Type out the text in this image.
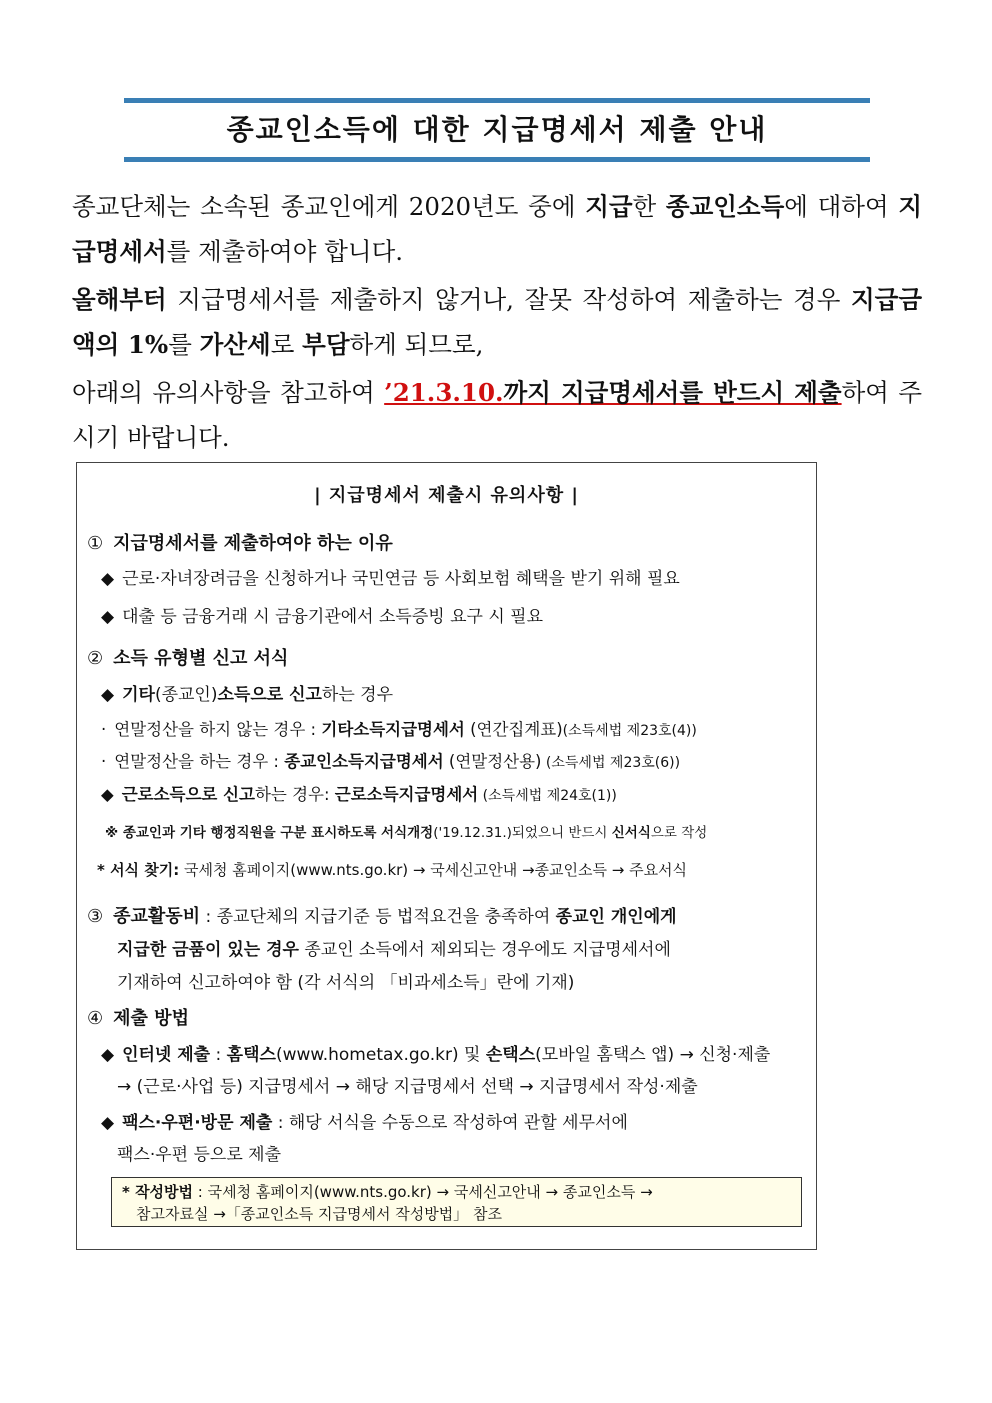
종교인소득에 대한 지급명세서 제출 안내
종교단체는 소속된 종교인에게 2020년도 중에 지급한 종교인소득에 대하여 지급명세서를 제출하여야 합니다.
올해부터 지급명세서를 제출하지 않거나, 잘못 작성하여 제출하는 경우 지급금액의 1%를 가산세로 부담하게 되므로,
아래의 유의사항을 참고하여 ’21.3.10.까지 지급명세서를 반드시 제출하여 주시기 바랍니다.
| 지급명세서 제출시 유의사항 |
① 지급명세서를 제출하여야 하는 이유
◆ 근로·자녀장려금을 신청하거나 국민연금 등 사회보험 혜택을 받기 위해 필요
◆ 대출 등 금융거래 시 금융기관에서 소득증빙 요구 시 필요
② 소득 유형별 신고 서식
◆ 기타(종교인)소득으로 신고하는 경우
· 연말정산을 하지 않는 경우 : 기타소득지급명세서 (연간집계표)(소득세법 제23호(4))
· 연말정산을 하는 경우 : 종교인소득지급명세서 (연말정산용) (소득세법 제23호(6))
◆ 근로소득으로 신고하는 경우: 근로소득지급명세서 (소득세법 제24호(1))
※ 종교인과 기타 행정직원을 구분 표시하도록 서식개정('19.12.31.)되었으니 반드시 신서식으로 작성
* 서식 찾기: 국세청 홈페이지(www.nts.go.kr) → 국세신고안내 →종교인소득 → 주요서식
③ 종교활동비 : 종교단체의 지급기준 등 법적요건을 충족하여 종교인 개인에게
지급한 금품이 있는 경우 종교인 소득에서 제외되는 경우에도 지급명세서에
기재하여 신고하여야 함 (각 서식의 「비과세소득」란에 기재)
④ 제출 방법
◆ 인터넷 제출 : 홈택스(www.hometax.go.kr) 및 손택스(모바일 홈택스 앱) → 신청·제출
→ (근로·사업 등) 지급명세서 → 해당 지급명세서 선택 → 지급명세서 작성·제출
◆ 팩스·우편·방문 제출 : 해당 서식을 수동으로 작성하여 관할 세무서에
팩스·우편 등으로 제출
* 작성방법 : 국세청 홈페이지(www.nts.go.kr) → 국세신고안내 → 종교인소득 →
참고자료실 →「종교인소득 지급명세서 작성방법」 참조
